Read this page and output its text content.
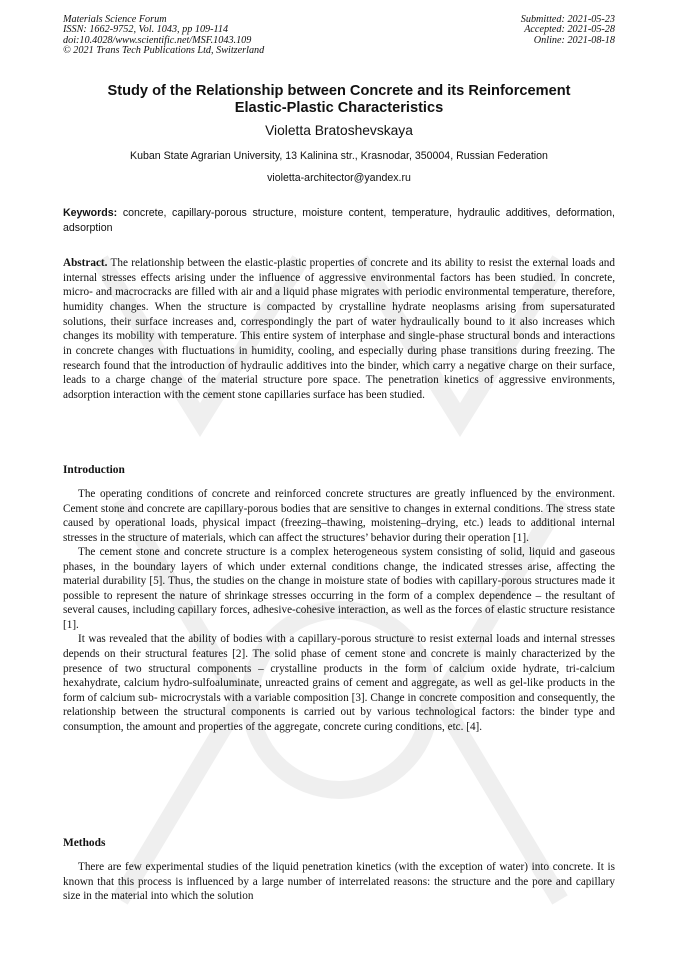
Materials Science Forum
ISSN: 1662-9752, Vol. 1043, pp 109-114
doi:10.4028/www.scientific.net/MSF.1043.109
© 2021 Trans Tech Publications Ltd, Switzerland
Submitted: 2021-05-23
Accepted: 2021-05-28
Online: 2021-08-18
Study of the Relationship between Concrete and its Reinforcement
Elastic-Plastic Characteristics
Violetta Bratoshevskaya
Kuban State Agrarian University, 13 Kalinina str., Krasnodar, 350004, Russian Federation
violetta-architector@yandex.ru
Keywords: concrete, capillary-porous structure, moisture content, temperature, hydraulic additives, deformation, adsorption
Abstract. The relationship between the elastic-plastic properties of concrete and its ability to resist the external loads and internal stresses effects arising under the influence of aggressive environmental factors has been studied. In concrete, micro- and macrocracks are filled with air and a liquid phase migrates with periodic environmental temperature, therefore, humidity changes. When the structure is compacted by crystalline hydrate neoplasms arising from supersaturated solutions, their surface increases and, correspondingly the part of water hydraulically bound to it also increases which changes its mobility with temperature. This entire system of interphase and single-phase structural bonds and interactions in concrete changes with fluctuations in humidity, cooling, and especially during phase transitions during freezing. The research found that the introduction of hydraulic additives into the binder, which carry a negative charge on their surface, leads to a charge change of the material structure pore space. The penetration kinetics of aggressive environments, adsorption interaction with the cement stone capillaries surface has been studied.
Introduction

The operating conditions of concrete and reinforced concrete structures are greatly influenced by the environment. Cement stone and concrete are capillary-porous bodies that are sensitive to changes in external conditions. The stress state caused by operational loads, physical impact (freezing–thawing, moistening–drying, etc.) leads to additional internal stresses in the structure of materials, which can affect the structures’ behavior during their operation [1].

The cement stone and concrete structure is a complex heterogeneous system consisting of solid, liquid and gaseous phases, in the boundary layers of which under external conditions change, the indicated stresses arise, affecting the material durability [5]. Thus, the studies on the change in moisture state of bodies with capillary-porous structures made it possible to represent the nature of shrinkage stresses occurring in the form of a complex dependence – the resultant of several causes, including capillary forces, adhesive-cohesive interaction, as well as the forces of elastic structure resistance [1].

It was revealed that the ability of bodies with a capillary-porous structure to resist external loads and internal stresses depends on their structural features [2]. The solid phase of cement stone and concrete is mainly characterized by the presence of two structural components – crystalline products in the form of calcium oxide hydrate, tri-calcium hexahydrate, calcium hydro-sulfoaluminate, unreacted grains of cement and aggregate, as well as gel-like products in the form of calcium sub- microcrystals with a variable composition [3]. Change in concrete composition and consequently, the relationship between the structural components is carried out by various technological factors: the binder type and consumption, the amount and properties of the aggregate, concrete curing conditions, etc. [4].

Methods

There are few experimental studies of the liquid penetration kinetics (with the exception of water) into concrete. It is known that this process is influenced by a large number of interrelated reasons: the structure and the pore and capillary size in the material into which the solution
